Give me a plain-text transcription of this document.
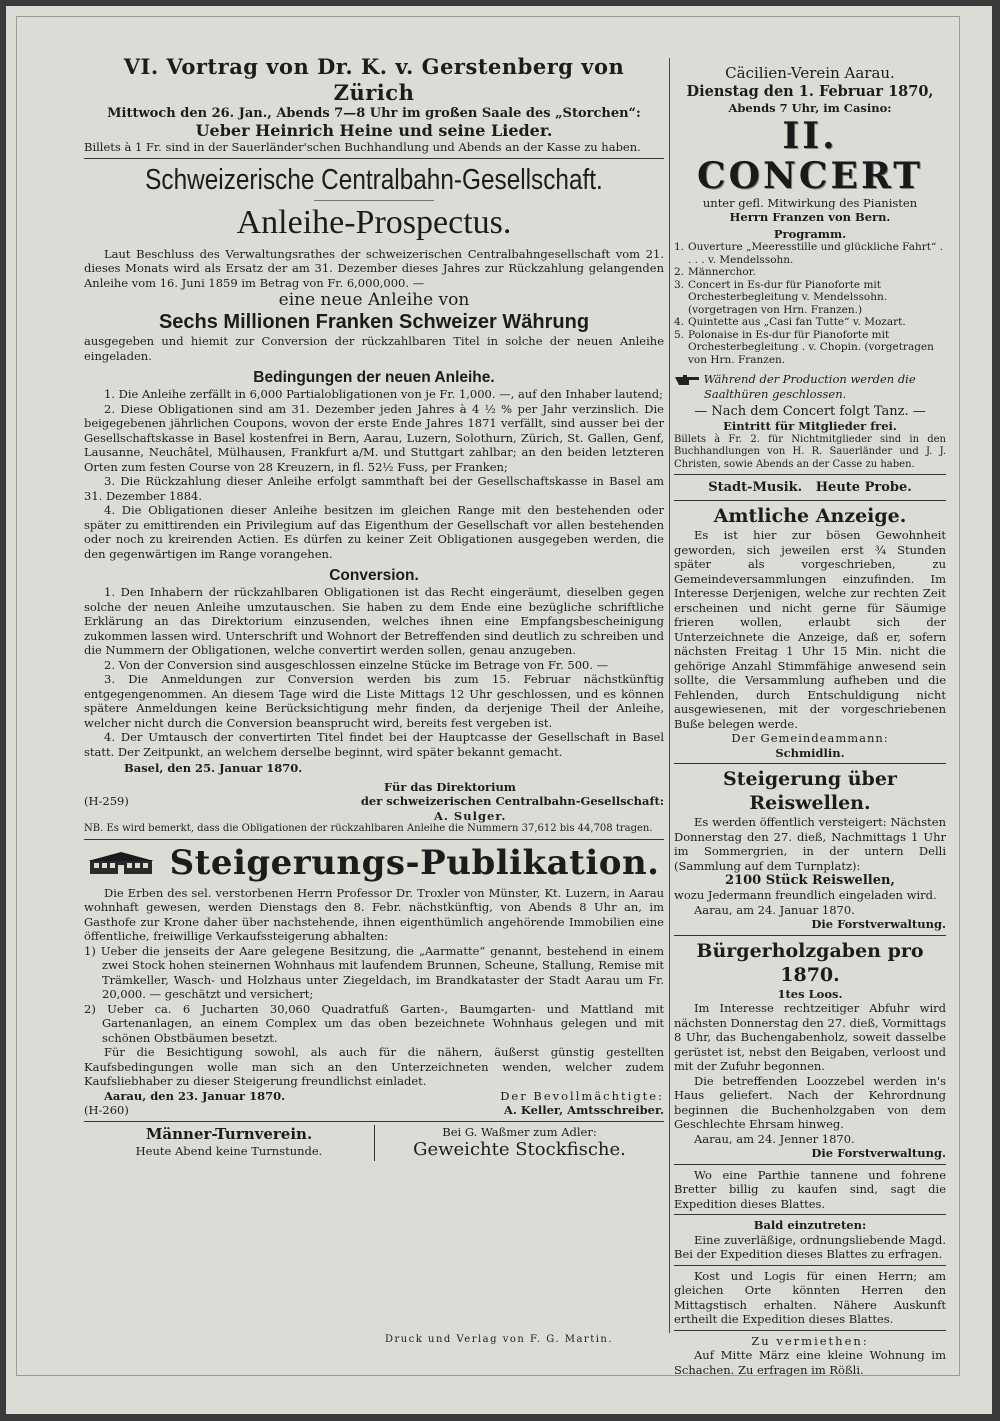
VI. Vortrag von Dr. K. v. Gerstenberg von Zürich

Mittwoch den 26. Jan., Abends 7—8 Uhr im großen Saale des „Storchen“:

Ueber Heinrich Heine und seine Lieder.

Billets à 1 Fr. sind in der Sauerländer'schen Buchhandlung und Abends an der Kasse zu haben.

Schweizerische Centralbahn-Gesellschaft.

Anleihe-Prospectus.

Laut Beschluss des Verwaltungsrathes der schweizerischen Centralbahngesellschaft vom 21. dieses Monats wird als Ersatz der am 31. Dezember dieses Jahres zur Rückzahlung gelangenden Anleihe vom 16. Juni 1859 im Betrag von Fr. 6,000,000. —

eine neue Anleihe von

Sechs Millionen Franken Schweizer Währung

ausgegeben und hiemit zur Conversion der rückzahlbaren Titel in solche der neuen Anleihe eingeladen.

Bedingungen der neuen Anleihe.

1. Die Anleihe zerfällt in 6,000 Partialobligationen von je Fr. 1,000. —, auf den Inhaber lautend;

2. Diese Obligationen sind am 31. Dezember jeden Jahres à 4 ½ % per Jahr verzinslich. Die beigegebenen jährlichen Coupons, wovon der erste Ende Jahres 1871 verfällt, sind ausser bei der Gesellschaftskasse in Basel kostenfrei in Bern, Aarau, Luzern, Solothurn, Zürich, St. Gallen, Genf, Lausanne, Neuchâtel, Mülhausen, Frankfurt a/M. und Stuttgart zahlbar; an den beiden letzteren Orten zum festen Course von 28 Kreuzern, in fl. 52½ Fuss, per Franken;

3. Die Rückzahlung dieser Anleihe erfolgt sammthaft bei der Gesellschaftskasse in Basel am 31. Dezember 1884.

4. Die Obligationen dieser Anleihe besitzen im gleichen Range mit den bestehenden oder später zu emittirenden ein Privilegium auf das Eigenthum der Gesellschaft vor allen bestehenden oder noch zu kreirenden Actien. Es dürfen zu keiner Zeit Obligationen ausgegeben werden, die den gegenwärtigen im Range vorangehen.

Conversion.

1. Den Inhabern der rückzahlbaren Obligationen ist das Recht eingeräumt, dieselben gegen solche der neuen Anleihe umzutauschen. Sie haben zu dem Ende eine bezügliche schriftliche Erklärung an das Direktorium einzusenden, welches ihnen eine Empfangsbescheinigung zukommen lassen wird. Unterschrift und Wohnort der Betreffenden sind deutlich zu schreiben und die Nummern der Obligationen, welche convertirt werden sollen, genau anzugeben.

2. Von der Conversion sind ausgeschlossen einzelne Stücke im Betrage von Fr. 500. —

3. Die Anmeldungen zur Conversion werden bis zum 15. Februar nächstkünftig entgegengenommen. An diesem Tage wird die Liste Mittags 12 Uhr geschlossen, und es können spätere Anmeldungen keine Berücksichtigung mehr finden, da derjenige Theil der Anleihe, welcher nicht durch die Conversion beansprucht wird, bereits fest vergeben ist.

4. Der Umtausch der convertirten Titel findet bei der Hauptcasse der Gesellschaft in Basel statt. Der Zeitpunkt, an welchem derselbe beginnt, wird später bekannt gemacht.

Basel, den 25. Januar 1870.

Für das Direktorium

(H-259)	der schweizerischen Centralbahn-Gesellschaft:

A. Sulger.

NB. Es wird bemerkt, dass die Obligationen der rückzahlbaren Anleihe die Nummern 37,612 bis 44,708 tragen.

Steigerungs-Publikation.

Die Erben des sel. verstorbenen Herrn Professor Dr. Troxler von Münster, Kt. Luzern, in Aarau wohnhaft gewesen, werden Dienstags den 8. Febr. nächstkünftig, von Abends 8 Uhr an, im Gasthofe zur Krone daher über nachstehende, ihnen eigenthümlich angehörende Immobilien eine öffentliche, freiwillige Verkaufssteigerung abhalten:

1) Ueber die jenseits der Aare gelegene Besitzung, die „Aarmatte“ genannt, bestehend in einem zwei Stock hohen steinernen Wohnhaus mit laufendem Brunnen, Scheune, Stallung, Remise mit Trämkeller, Wasch- und Holzhaus unter Ziegeldach, im Brandkataster der Stadt Aarau um Fr. 20,000. — geschätzt und versichert;

2) Ueber ca. 6 Jucharten 30,060 Quadratfuß Garten-, Baumgarten- und Mattland mit Gartenanlagen, an einem Complex um das oben bezeichnete Wohnhaus gelegen und mit schönen Obstbäumen besetzt.

Für die Besichtigung sowohl, als auch für die nähern, äußerst günstig gestellten Kaufsbedingungen wolle man sich an den Unterzeichneten wenden, welcher zudem Kaufsliebhaber zu dieser Steigerung freundlichst einladet.

Aarau, den 23. Januar 1870.	Der Bevollmächtigte:
(H-260)	A. Keller, Amtsschreiber.

Männer-Turnverein.

Heute Abend keine Turnstunde.

Bei G. Waßmer zum Adler:

Geweichte Stockfische.

Cäcilien-Verein Aarau.

Dienstag den 1. Februar 1870,

Abends 7 Uhr, im Casino:

II. CONCERT

unter gefl. Mitwirkung des Pianisten

Herrn Franzen von Bern.

Programm.

1.	Ouverture „Meeresstille und glückliche Fahrt“ . . . . v. Mendelssohn.
2.	Männerchor.
3.	Concert in Es-dur für Pianoforte mit Orchesterbegleitung v. Mendelssohn. (vorgetragen von Hrn. Franzen.)
4.	Quintette aus „Casi fan Tutte“ v. Mozart.
5.	Polonaise in Es-dur für Pianoforte mit Orchesterbegleitung . v. Chopin. (vorgetragen von Hrn. Franzen.

Während der Production werden die Saalthüren geschlossen.

— Nach dem Concert folgt Tanz. —

Eintritt für Mitglieder frei.

Billets à Fr. 2. für Nichtmitglieder sind in den Buchhandlungen von H. R. Sauerländer und J. J. Christen, sowie Abends an der Casse zu haben.

Stadt-Musik. Heute Probe.

Amtliche Anzeige.

Es ist hier zur bösen Gewohnheit geworden, sich jeweilen erst ¾ Stunden später als vorgeschrieben, zu Gemeindeversammlungen einzufinden. Im Interesse Derjenigen, welche zur rechten Zeit erscheinen und nicht gerne für Säumige frieren wollen, erlaubt sich der Unterzeichnete die Anzeige, daß er, sofern nächsten Freitag 1 Uhr 15 Min. nicht die gehörige Anzahl Stimmfähige anwesend sein sollte, die Versammlung aufheben und die Fehlenden, durch Entschuldigung nicht ausgewiesenen, mit der vorgeschriebenen Buße belegen werde.

Der Gemeindeammann:

Schmidlin.

Steigerung über Reiswellen.

Es werden öffentlich versteigert: Nächsten Donnerstag den 27. dieß, Nachmittags 1 Uhr im Sommergrien, in der untern Delli (Sammlung auf dem Turnplatz):

2100 Stück Reiswellen,

wozu Jedermann freundlich eingeladen wird.

Aarau, am 24. Januar 1870.

Die Forstverwaltung.

Bürgerholzgaben pro 1870.

1tes Loos.

Im Interesse rechtzeitiger Abfuhr wird nächsten Donnerstag den 27. dieß, Vormittags 8 Uhr, das Buchengabenholz, soweit dasselbe gerüstet ist, nebst den Beigaben, verloost und mit der Zufuhr begonnen.

Die betreffenden Loozzebel werden in's Haus geliefert. Nach der Kehrordnung beginnen die Buchenholzgaben von dem Geschlechte Ehrsam hinweg.

Aarau, am 24. Jenner 1870.

Die Forstverwaltung.

Wo eine Parthie tannene und fohrene Bretter billig zu kaufen sind, sagt die Expedition dieses Blattes.

Bald einzutreten:

Eine zuverläßige, ordnungsliebende Magd. Bei der Expedition dieses Blattes zu erfragen.

Kost und Logis für einen Herrn; am gleichen Orte könnten Herren den Mittagstisch erhalten. Nähere Auskunft ertheilt die Expedition dieses Blattes.

Zu vermiethen:

Auf Mitte März eine kleine Wohnung im Schachen. Zu erfragen im Rößli.

Druck und Verlag von F. G. Martin.
